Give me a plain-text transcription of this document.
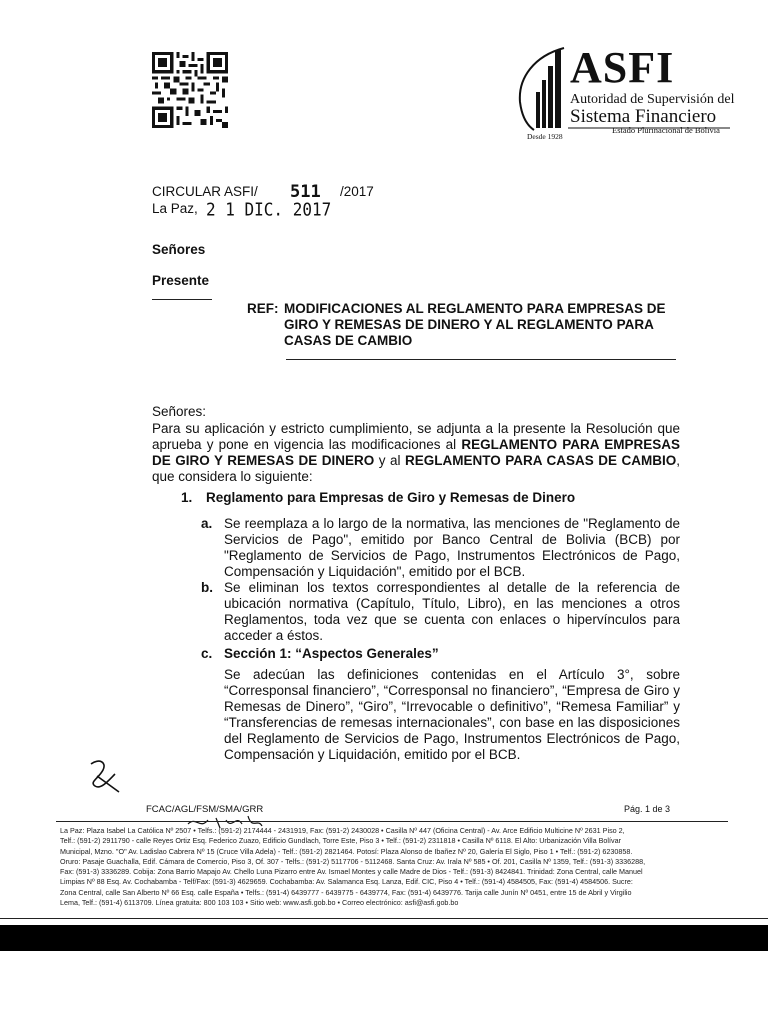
ASFI
Autoridad de Supervisión del
Sistema Financiero
Estado Plurinacional de Bolivia
Desde 1928
CIRCULAR ASFI/ 511 /2017
La Paz, 2 1 DIC. 2017
Señores
Presente
REF: MODIFICACIONES AL REGLAMENTO PARA EMPRESAS DE GIRO Y REMESAS DE DINERO Y AL REGLAMENTO PARA CASAS DE CAMBIO
Señores:
Para su aplicación y estricto cumplimiento, se adjunta a la presente la Resolución que aprueba y pone en vigencia las modificaciones al REGLAMENTO PARA EMPRESAS DE GIRO Y REMESAS DE DINERO y al REGLAMENTO PARA CASAS DE CAMBIO, que considera lo siguiente:
1. Reglamento para Empresas de Giro y Remesas de Dinero
a. Se reemplaza a lo largo de la normativa, las menciones de "Reglamento de Servicios de Pago", emitido por Banco Central de Bolivia (BCB) por "Reglamento de Servicios de Pago, Instrumentos Electrónicos de Pago, Compensación y Liquidación", emitido por el BCB.
b. Se eliminan los textos correspondientes al detalle de la referencia de ubicación normativa (Capítulo, Título, Libro), en las menciones a otros Reglamentos, toda vez que se cuenta con enlaces o hipervínculos para acceder a éstos.
c. Sección 1: “Aspectos Generales”
Se adecúan las definiciones contenidas en el Artículo 3°, sobre “Corresponsal financiero”, “Corresponsal no financiero”, “Empresa de Giro y Remesas de Dinero”, “Giro”, “Irrevocable o definitivo”, “Remesa Familiar” y “Transferencias de remesas internacionales”, con base en las disposiciones del Reglamento de Servicios de Pago, Instrumentos Electrónicos de Pago, Compensación y Liquidación, emitido por el BCB.
FCAC/AGL/FSM/SMA/GRR	Pág. 1 de 3
La Paz: Plaza Isabel La Católica Nº 2507 • Telfs.: (591-2) 2174444 - 2431919, Fax: (591-2) 2430028 • Casilla Nº 447 (Oficina Central) - Av. Arce Edificio Multicine Nº 2631 Piso 2,
Telf.: (591-2) 2911790 - calle Reyes Ortiz Esq. Federico Zuazo, Edificio Gundlach, Torre Este, Piso 3 • Telf.: (591-2) 2311818 • Casilla Nº 6118. El Alto: Urbanización Villa Bolívar
Municipal, Mzno. "O" Av. Ladislao Cabrera Nº 15 (Cruce Villa Adela) - Telf.: (591-2) 2821464. Potosí: Plaza Alonso de Ibañez Nº 20, Galería El Siglo, Piso 1 • Telf.: (591-2) 6230858.
Oruro: Pasaje Guachalla, Edif. Cámara de Comercio, Piso 3, Of. 307 - Telfs.: (591-2) 5117706 - 5112468. Santa Cruz: Av. Irala Nº 585 • Of. 201, Casilla Nº 1359, Telf.: (591-3) 3336288,
Fax: (591-3) 3336289. Cobija: Zona Barrio Mapajo Av. Chello Luna Pizarro entre Av. Ismael Montes y calle Madre de Dios - Telf.: (591-3) 8424841. Trinidad: Zona Central, calle Manuel
Limpias Nº 88 Esq. Av. Cochabamba - Telf/Fax: (591-3) 4629659. Cochabamba: Av. Salamanca Esq. Lanza, Edif. CIC, Piso 4 • Telf.: (591-4) 4584505, Fax: (591-4) 4584506. Sucre:
Zona Central, calle San Alberto Nº 66 Esq. calle España • Telfs.: (591-4) 6439777 - 6439775 - 6439774, Fax: (591-4) 6439776. Tarija calle Junín Nº 0451, entre 15 de Abril y Virgilio
Lema, Telf.: (591-4) 6113709. Línea gratuita: 800 103 103 • Sitio web: www.asfi.gob.bo • Correo electrónico: asfi@asfi.gob.bo
